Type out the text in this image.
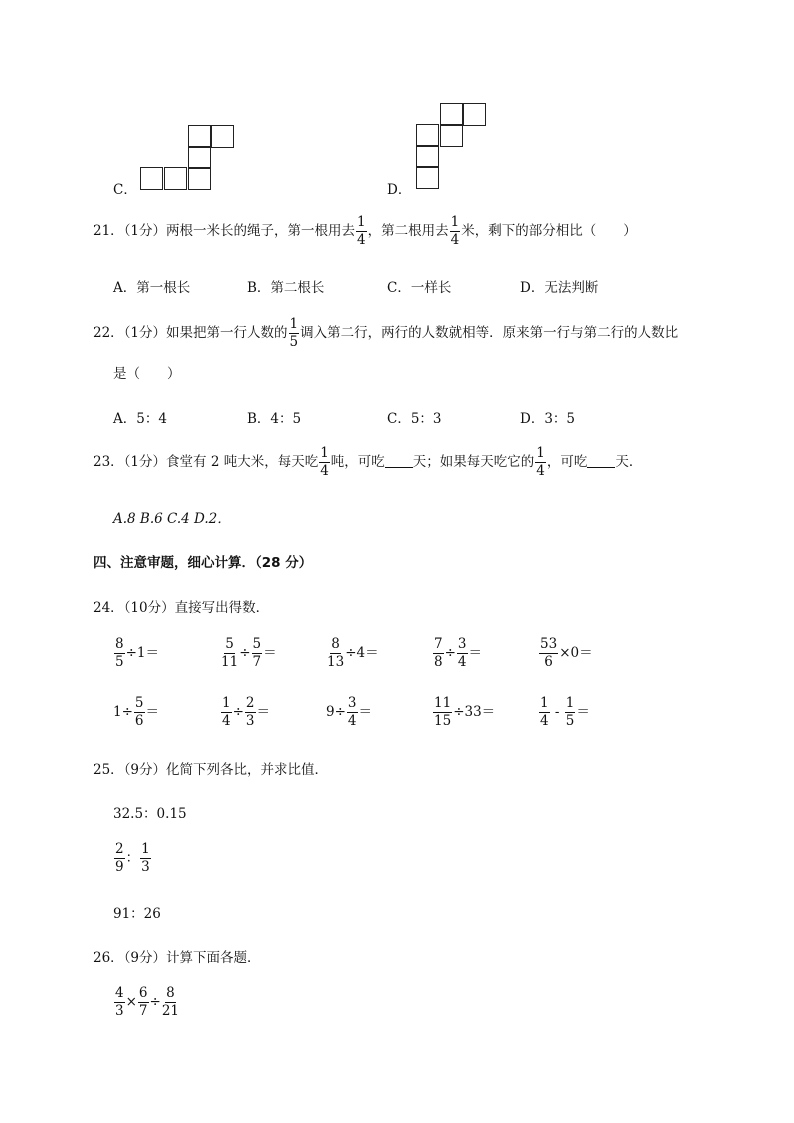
C．	D．
21．（1分）两根一米长的绳子，第一根用去 $\frac{1}{4}$ ，第二根用去 $\frac{1}{4}$ 米，剩下的部分相比（　　）
A．第一根长	B．第二根长	C．一样长	D．无法判断
22．（1分）如果把第一行人数的 $\frac{1}{5}$ 调入第二行，两行的人数就相等．原来第一行与第二行的人数比
是（　　）
A．5：4	B．4：5	C．5：3	D．3：5
23．（1分）食堂有 2 吨大米，每天吃 $\frac{1}{4}$ 吨，可吃 天；如果每天吃它的 $\frac{1}{4}$ ，可吃 天．
A.8 B.6 C.4 D.2．
四、注意审题，细心计算．（28 分）
24．（10分）直接写出得数．
$\frac{8}{5} \div 1=$	$\frac{5}{11} \div \frac{5}{7}$ ＝	$\frac{8}{13} \div 4=$	$\frac{7}{8} \div \frac{3}{4}$ ＝	$\frac{53}{6} \times 0=$
$1\div \frac{5}{6}$ ＝	$\frac{1}{4} \div \frac{2}{3}$ ＝	$9\div \frac{3}{4}$ ＝	$\frac{11}{15} \div 33=$	$\frac{1}{4} - \frac{1}{5}$ ＝
25．（9分）化简下列各比，并求比值．
32.5：0.15
$\frac{2}{9}$ ： $\frac{1}{3}$
91：26
26．（9分）计算下面各题．
$\frac{4}{3} \times \frac{6}{7} \div \frac{8}{21}$
